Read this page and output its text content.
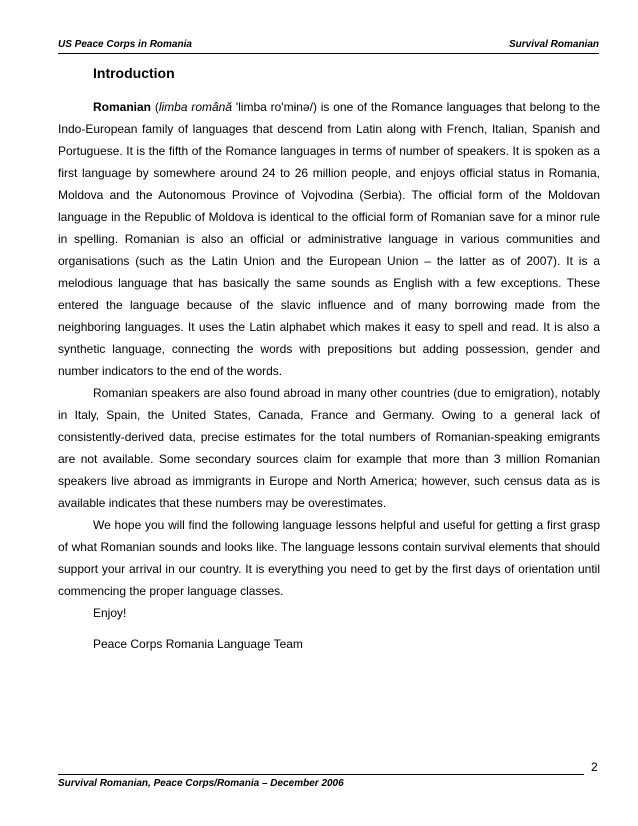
US Peace Corps in Romania	Survival Romanian
Introduction

Romanian (limba română 'limba ro'mɨnə/) is one of the Romance languages that belong to the Indo-European family of languages that descend from Latin along with French, Italian, Spanish and Portuguese. It is the fifth of the Romance languages in terms of number of speakers. It is spoken as a first language by somewhere around 24 to 26 million people, and enjoys official status in Romania, Moldova and the Autonomous Province of Vojvodina (Serbia). The official form of the Moldovan language in the Republic of Moldova is identical to the official form of Romanian save for a minor rule in spelling. Romanian is also an official or administrative language in various communities and organisations (such as the Latin Union and the European Union – the latter as of 2007). It is a melodious language that has basically the same sounds as English with a few exceptions. These entered the language because of the slavic influence and of many borrowing made from the neighboring languages. It uses the Latin alphabet which makes it easy to spell and read. It is also a synthetic language, connecting the words with prepositions but adding possession, gender and number indicators to the end of the words.

Romanian speakers are also found abroad in many other countries (due to emigration), notably in Italy, Spain, the United States, Canada, France and Germany. Owing to a general lack of consistently-derived data, precise estimates for the total numbers of Romanian-speaking emigrants are not available. Some secondary sources claim for example that more than 3 million Romanian speakers live abroad as immigrants in Europe and North America; however, such census data as is available indicates that these numbers may be overestimates.

We hope you will find the following language lessons helpful and useful for getting a first grasp of what Romanian sounds and looks like. The language lessons contain survival elements that should support your arrival in our country. It is everything you need to get by the first days of orientation until commencing the proper language classes.

Enjoy!

Peace Corps Romania Language Team
2
Survival Romanian, Peace Corps/Romania – December 2006
